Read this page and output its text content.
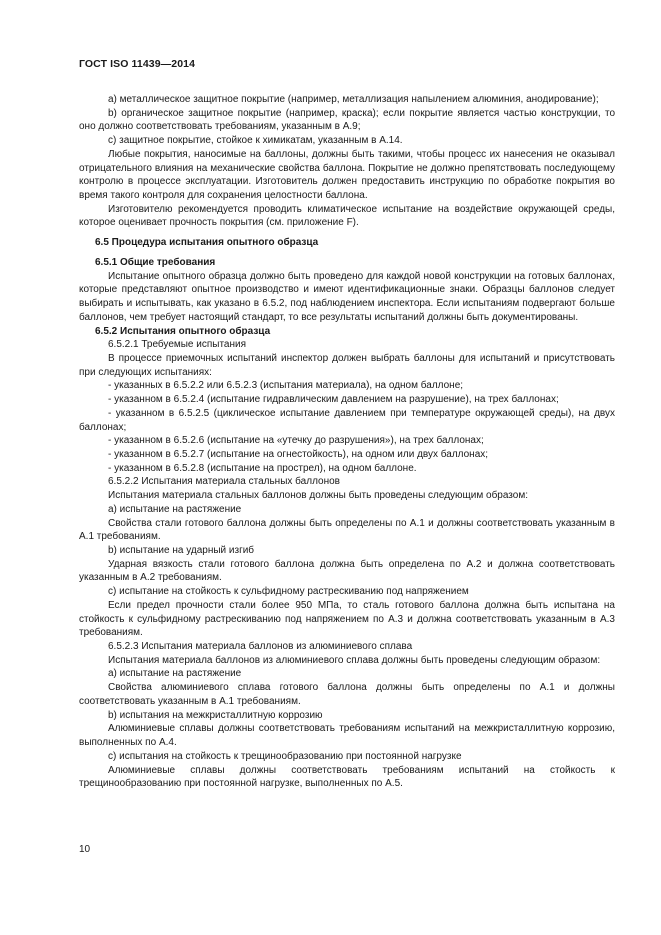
ГОСТ ISO 11439—2014

а) металлическое защитное покрытие (например, металлизация напылением алюминия, анодирование);

b) органическое защитное покрытие (например, краска); если покрытие является частью конструкции, то оно должно соответствовать требованиям, указанным в А.9;

с) защитное покрытие, стойкое к химикатам, указанным в А.14.

Любые покрытия, наносимые на баллоны, должны быть такими, чтобы процесс их нанесения не оказывал отрицательного влияния на механические свойства баллона. Покрытие не должно препятствовать последующему контролю в процессе эксплуатации. Изготовитель должен предоставить инструкцию по обработке покрытия во время такого контроля для сохранения целостности баллона.

Изготовителю рекомендуется проводить климатическое испытание на воздействие окружающей среды, которое оценивает прочность покрытия (см. приложение F).

6.5 Процедура испытания опытного образца

6.5.1 Общие требования

Испытание опытного образца должно быть проведено для каждой новой конструкции на готовых баллонах, которые представляют опытное производство и имеют идентификационные знаки. Образцы баллонов следует выбирать и испытывать, как указано в 6.5.2, под наблюдением инспектора. Если испытаниям подвергают больше баллонов, чем требует настоящий стандарт, то все результаты испытаний должны быть документированы.

6.5.2 Испытания опытного образца

6.5.2.1 Требуемые испытания

В процессе приемочных испытаний инспектор должен выбрать баллоны для испытаний и присутствовать при следующих испытаниях:

- указанных в 6.5.2.2 или 6.5.2.3 (испытания материала), на одном баллоне;

- указанном в 6.5.2.4 (испытание гидравлическим давлением на разрушение), на трех баллонах;

- указанном в 6.5.2.5 (циклическое испытание давлением при температуре окружающей среды), на двух баллонах;

- указанном в 6.5.2.6 (испытание на «утечку до разрушения»), на трех баллонах;

- указанном в 6.5.2.7 (испытание на огнестойкость), на одном или двух баллонах;

- указанном в 6.5.2.8 (испытание на прострел), на одном баллоне.

6.5.2.2 Испытания материала стальных баллонов

Испытания материала стальных баллонов должны быть проведены следующим образом:

а) испытание на растяжение

Свойства стали готового баллона должны быть определены по А.1 и должны соответствовать указанным в А.1 требованиям.

b) испытание на ударный изгиб

Ударная вязкость стали готового баллона должна быть определена по А.2 и должна соответствовать указанным в А.2 требованиям.

с) испытание на стойкость к сульфидному растрескиванию под напряжением

Если предел прочности стали более 950 МПа, то сталь готового баллона должна быть испытана на стойкость к сульфидному растрескиванию под напряжением по А.3 и должна соответствовать указанным в А.3 требованиям.

6.5.2.3 Испытания материала баллонов из алюминиевого сплава

Испытания материала баллонов из алюминиевого сплава должны быть проведены следующим образом:

а) испытание на растяжение

Свойства алюминиевого сплава готового баллона должны быть определены по А.1 и должны соответствовать указанным в А.1 требованиям.

b) испытания на межкристаллитную коррозию

Алюминиевые сплавы должны соответствовать требованиям испытаний на межкристаллитную коррозию, выполненных по А.4.

с) испытания на стойкость к трещинообразованию при постоянной нагрузке

Алюминиевые сплавы должны соответствовать требованиям испытаний на стойкость к трещинообразованию при постоянной нагрузке, выполненных по А.5.

10
